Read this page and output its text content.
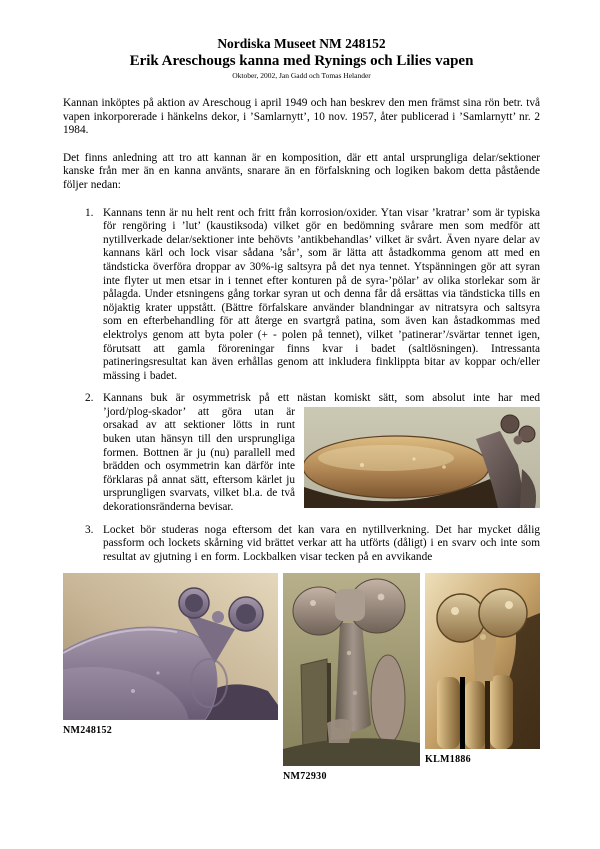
Nordiska Museet NM 248152
Erik Areschougs kanna med Rynings och Lilies vapen
Oktober, 2002, Jan Gadd och Tomas Helander

Kannan inköptes på aktion av Areschoug i april 1949 och han beskrev den men främst sina rön betr. två vapen inkorporerade i hänkelns dekor, i ’Samlarnytt’, 10 nov. 1957, åter publicerad i ’Samlarnytt’ nr. 2 1984.

Det finns anledning att tro att kannan är en komposition, där ett antal ursprungliga delar/sektioner kanske från mer än en kanna använts, snarare än en förfalskning och logiken bakom detta påstående följer nedan:

1. Kannans tenn är nu helt rent och fritt från korrosion/oxider. Ytan visar ’kratrar’ som är typiska för rengöring i ’lut’ (kaustiksoda) vilket gör en bedömning svårare men som medför att nytillverkade delar/sektioner inte behövts ’antikbehandlas’ vilket är svårt. Även nyare delar av kannans kärl och lock visar sådana ’sår’, som är lätta att åstadkomma genom att med en tändsticka överföra droppar av 30%-ig saltsyra på det nya tennet. Ytspänningen gör att syran inte flyter ut men etsar in i tennet efter konturen på de syra-’pölar’ av olika storlekar som är pålagda. Under etsningens gång torkar syran ut och denna får då ersättas via tändsticka tills en nöjaktig krater uppstått. (Bättre förfalskare använder blandningar av nitratsyra och saltsyra som en efterbehandling för att återge en svartgrå patina, som även kan åstadkommas med elektrolys genom att byta poler (+ - polen på tennet), vilket ’patinerar’/svärtar tennet igen, förutsatt att gamla föroreningar finns kvar i badet (saltlösningen). Intressanta patineringsresultat kan även erhållas genom att inkludera finklippta bitar av koppar och/eller mässing i badet.
2. Kannans buk är osymmetrisk på ett nästan komiskt sätt, som absolut inte har med

’jord/plog-skador’ att göra utan är orsakad av att sektioner lötts in runt buken utan hänsyn till den ursprungliga formen. Bottnen är ju (nu) parallell med brädden och osymmetrin kan därför inte förklaras på annat sätt, eftersom kärlet ju ursprungligen svarvats, vilket bl.a. de två dekorationsränderna bevisar.
3. Locket bör studeras noga eftersom det kan vara en nytillverkning. Det har mycket dålig passform och lockets skårning vid brättet verkar att ha utförts (dåligt) i en svarv och inte som resultat av gjutning i en form. Lockbalken visar tecken på en avvikande
NM248152
NM72930
KLM1886
